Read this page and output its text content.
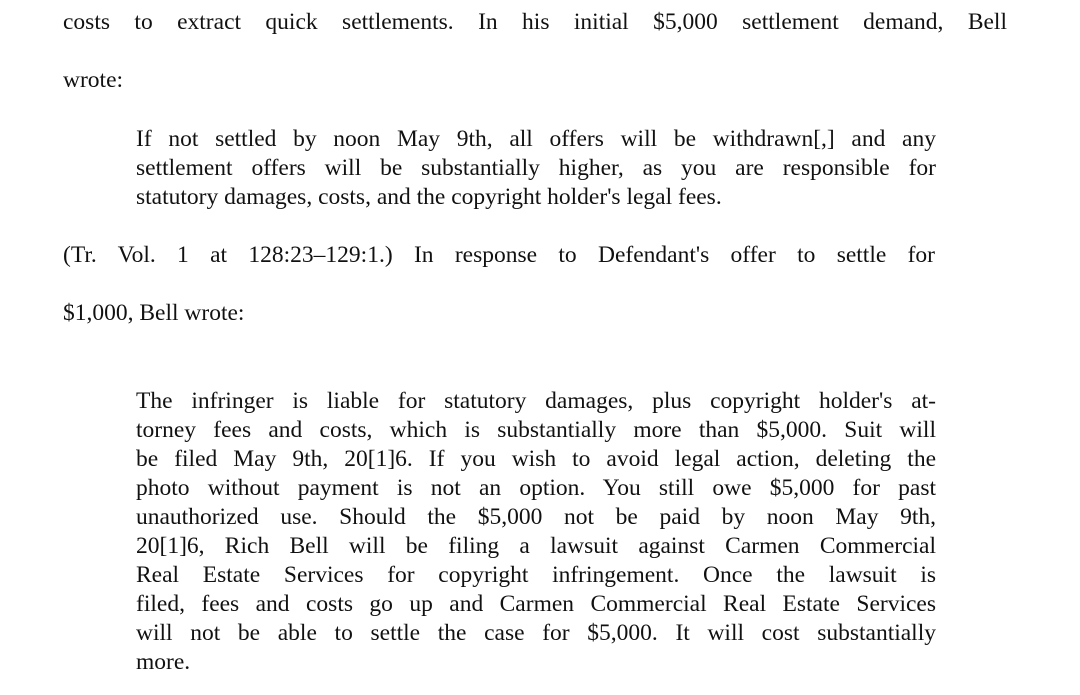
costs to extract quick settlements. In his initial $5,000 settlement demand, Bell
wrote:
If not settled by noon May 9th, all offers will be withdrawn[,] and any
settlement offers will be substantially higher, as you are responsible for
statutory damages, costs, and the copyright holder's legal fees.
(Tr. Vol. 1 at 128:23–129:1.) In response to Defendant's offer to settle for
$1,000, Bell wrote:
The infringer is liable for statutory damages, plus copyright holder's at-
torney fees and costs, which is substantially more than $5,000. Suit will
be filed May 9th, 20[1]6. If you wish to avoid legal action, deleting the
photo without payment is not an option. You still owe $5,000 for past
unauthorized use. Should the $5,000 not be paid by noon May 9th,
20[1]6, Rich Bell will be filing a lawsuit against Carmen Commercial
Real Estate Services for copyright infringement. Once the lawsuit is
filed, fees and costs go up and Carmen Commercial Real Estate Services
will not be able to settle the case for $5,000. It will cost substantially
more.
